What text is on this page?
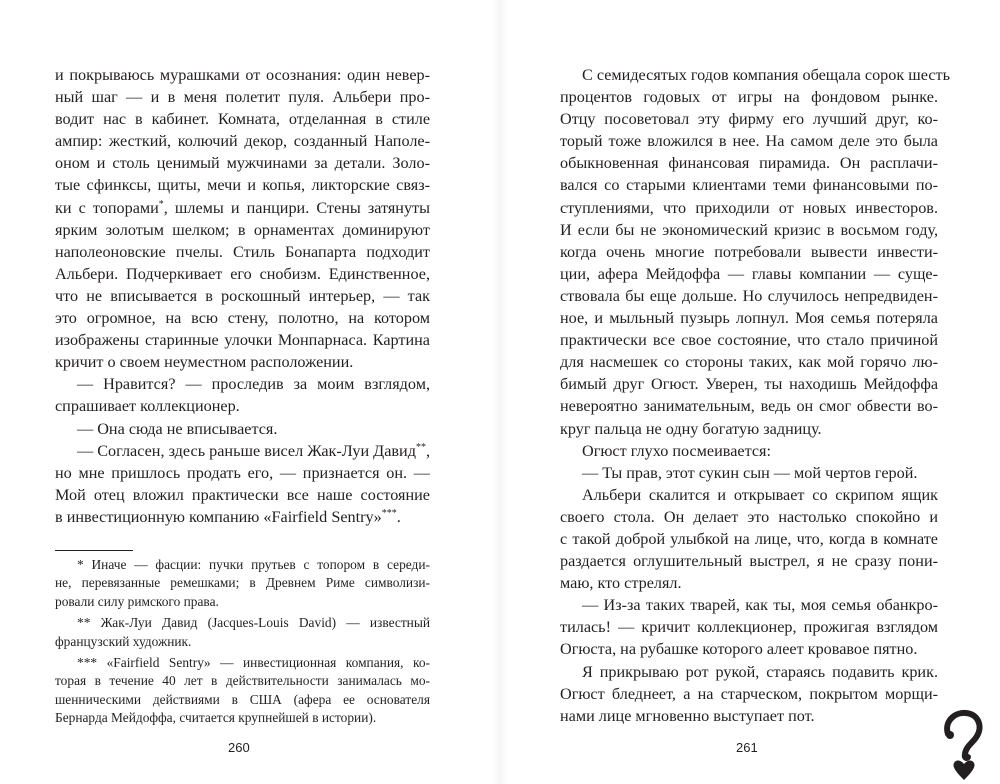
и покрываюсь мурашками от осознания: один невер-
ный шаг — и в меня полетит пуля. Альбери про-
водит нас в кабинет. Комната, отделанная в стиле
ампир: жесткий, колючий декор, созданный Наполе-
оном и столь ценимый мужчинами за детали. Золо-
тые сфинксы, щиты, мечи и копья, ликторские связ-
ки с топорами*, шлемы и панцири. Стены затянуты
ярким золотым шелком; в орнаментах доминируют
наполеоновские пчелы. Стиль Бонапарта подходит
Альбери. Подчеркивает его снобизм. Единственное,
что не вписывается в роскошный интерьер, — так
это огромное, на всю стену, полотно, на котором
изображены старинные улочки Монпарнаса. Картина
кричит о своем неуместном расположении.
— Нравится? — проследив за моим взглядом,
спрашивает коллекционер.
— Она сюда не вписывается.
— Согласен, здесь раньше висел Жак-Луи Давид**,
но мне пришлось продать его, — признается он. —
Мой отец вложил практически все наше состояние
в инвестиционную компанию «Fairfield Sentry»***.
* Иначе — фасции: пучки прутьев с топором в середи-
не, перевязанные ремешками; в Древнем Риме символизи-
ровали силу римского права.
** Жак-Луи Давид (Jacques-Louis David) — известный
французский художник.
*** «Fairfield Sentry» — инвестиционная компания, ко-
торая в течение 40 лет в действительности занималась мо-
шенническими действиями в США (афера ее основателя
Бернарда Мейдоффа, считается крупнейшей в истории).
260
С семидесятых годов компания обещала сорок шесть
процентов годовых от игры на фондовом рынке.
Отцу посоветовал эту фирму его лучший друг, ко-
торый тоже вложился в нее. На самом деле это была
обыкновенная финансовая пирамида. Он расплачи-
вался со старыми клиентами теми финансовыми по-
ступлениями, что приходили от новых инвесторов.
И если бы не экономический кризис в восьмом году,
когда очень многие потребовали вывести инвести-
ции, афера Мейдоффа — главы компании — суще-
ствовала бы еще дольше. Но случилось непредвиден-
ное, и мыльный пузырь лопнул. Моя семья потеряла
практически все свое состояние, что стало причиной
для насмешек со стороны таких, как мой горячо лю-
бимый друг Огюст. Уверен, ты находишь Мейдоффа
невероятно занимательным, ведь он смог обвести во-
круг пальца не одну богатую задницу.
Огюст глухо посмеивается:
— Ты прав, этот сукин сын — мой чертов герой.
Альбери скалится и открывает со скрипом ящик
своего стола. Он делает это настолько спокойно и
с такой доброй улыбкой на лице, что, когда в комнате
раздается оглушительный выстрел, я не сразу пони-
маю, кто стрелял.
— Из-за таких тварей, как ты, моя семья обанкро-
тилась! — кричит коллекционер, прожигая взглядом
Огюста, на рубашке которого алеет кровавое пятно.
Я прикрываю рот рукой, стараясь подавить крик.
Огюст бледнеет, а на старческом, покрытом морщи-
нами лице мгновенно выступает пот.
261
